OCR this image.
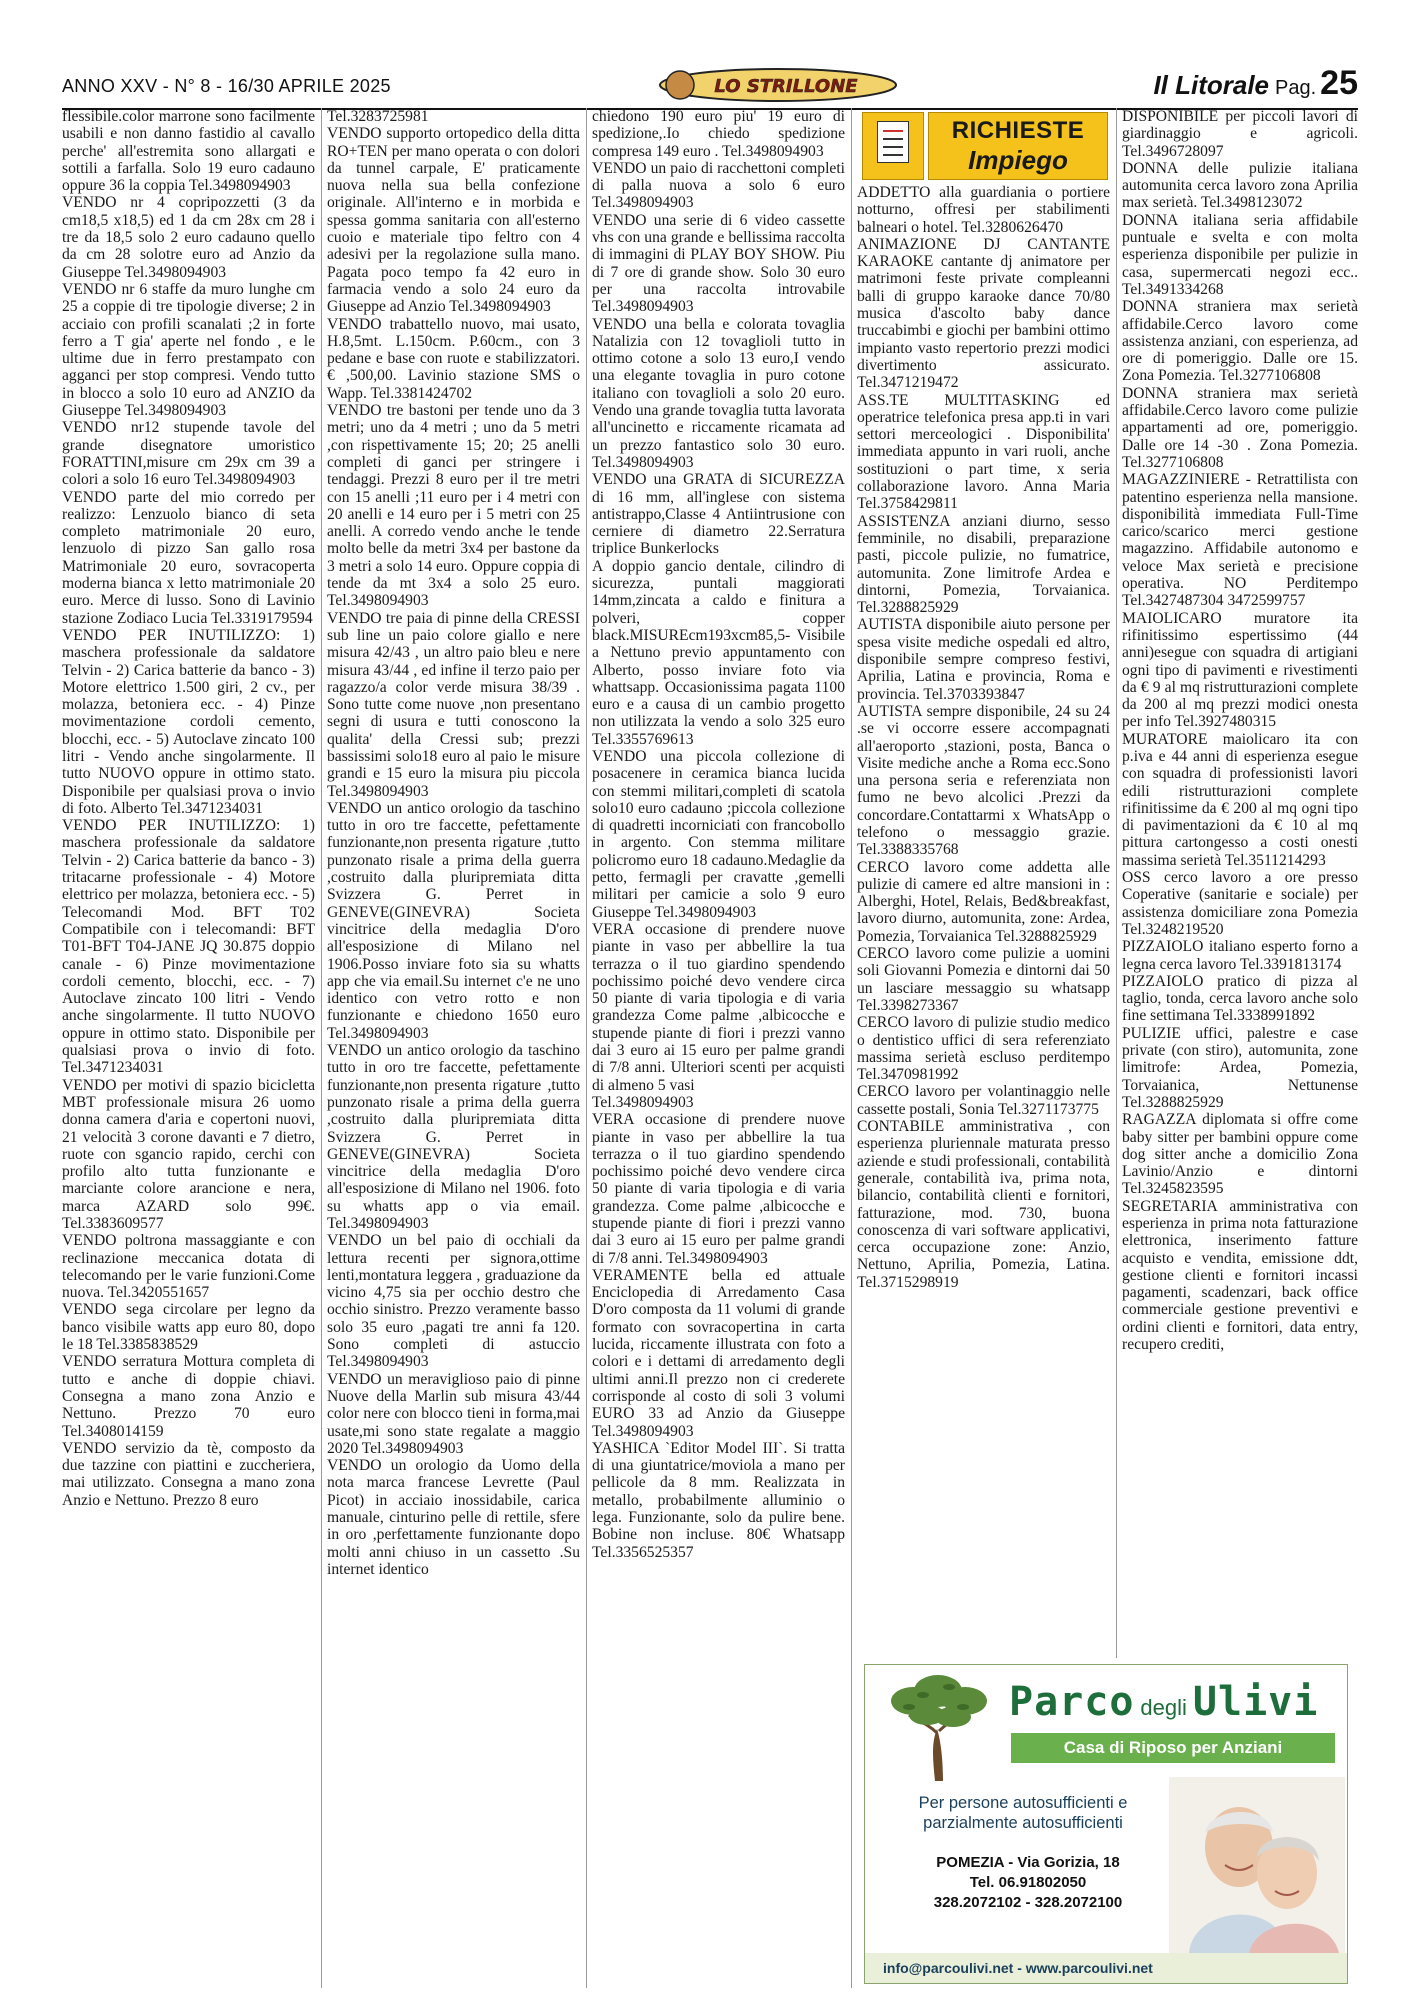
ANNO XXV - N° 8 - 16/30 APRILE 2025	LO STRILLONE	Il Litorale Pag. 25

flessibile.color marrone sono facilmente usabili e non danno fastidio al cavallo perche' all'estremita sono allargati e sottili a farfalla. Solo 19 euro cadauno oppure 36 la coppia Tel.3498094903

VENDO nr 4 copripozzetti (3 da cm18,5 x18,5) ed 1 da cm 28x cm 28 i tre da 18,5 solo 2 euro cadauno quello da cm 28 solotre euro ad Anzio da Giuseppe Tel.3498094903

VENDO nr 6 staffe da muro lunghe cm 25 a coppie di tre tipologie diverse; 2 in acciaio con profili scanalati ;2 in forte ferro a T gia' aperte nel fondo , e le ultime due in ferro prestampato con agganci per stop compresi. Vendo tutto in blocco a solo 10 euro ad ANZIO da Giuseppe Tel.3498094903

VENDO nr12 stupende tavole del grande disegnatore umoristico FORATTINI,misure cm 29x cm 39 a colori a solo 16 euro Tel.3498094903

VENDO parte del mio corredo per realizzo: Lenzuolo bianco di seta completo matrimoniale 20 euro, lenzuolo di pizzo San gallo rosa Matrimoniale 20 euro, sovracoperta moderna bianca x letto matrimoniale 20 euro. Merce di lusso. Sono di Lavinio stazione Zodiaco Lucia Tel.3319179594

VENDO PER INUTILIZZO: 1) maschera professionale da saldatore Telvin - 2) Carica batterie da banco - 3) Motore elettrico 1.500 giri, 2 cv., per molazza, betoniera ecc. - 4) Pinze movimentazione cordoli cemento, blocchi, ecc. - 5) Autoclave zincato 100 litri - Vendo anche singolarmente. Il tutto NUOVO oppure in ottimo stato. Disponibile per qualsiasi prova o invio di foto. Alberto Tel.3471234031

VENDO PER INUTILIZZO: 1) maschera professionale da saldatore Telvin - 2) Carica batterie da banco - 3) tritacarne professionale - 4) Motore elettrico per molazza, betoniera ecc. - 5) Telecomandi Mod. BFT T02 Compatibile con i telecomandi: BFT T01-BFT T04-JANE JQ 30.875 doppio canale - 6) Pinze movimentazione cordoli cemento, blocchi, ecc. - 7) Autoclave zincato 100 litri - Vendo anche singolarmente. Il tutto NUOVO oppure in ottimo stato. Disponibile per qualsiasi prova o invio di foto. Tel.3471234031

VENDO per motivi di spazio bicicletta MBT professionale misura 26 uomo donna camera d'aria e copertoni nuovi, 21 velocità 3 corone davanti e 7 dietro, ruote con sgancio rapido, cerchi con profilo alto tutta funzionante e marciante colore arancione e nera, marca AZARD solo 99€. Tel.3383609577

VENDO poltrona massaggiante e con reclinazione meccanica dotata di telecomando per le varie funzioni.Come nuova. Tel.3420551657

VENDO sega circolare per legno da banco visibile watts app euro 80, dopo le 18 Tel.3385838529

VENDO serratura Mottura completa di tutto e anche di doppie chiavi. Consegna a mano zona Anzio e Nettuno. Prezzo 70 euro Tel.3408014159

VENDO servizio da tè, composto da due tazzine con piattini e zuccheriera, mai utilizzato. Consegna a mano zona Anzio e Nettuno. Prezzo 8 euro

Tel.3283725981

VENDO supporto ortopedico della ditta RO+TEN per mano operata o con dolori da tunnel carpale, E' praticamente nuova nella sua bella confezione originale. All'interno e in morbida e spessa gomma sanitaria con all'esterno cuoio e materiale tipo feltro con 4 adesivi per la regolazione sulla mano. Pagata poco tempo fa 42 euro in farmacia vendo a solo 24 euro da Giuseppe ad Anzio Tel.3498094903

VENDO trabattello nuovo, mai usato, H.8,5mt. L.150cm. P.60cm., con 3 pedane e base con ruote e stabilizzatori.€ ,500,00. Lavinio stazione SMS o Wapp. Tel.3381424702

VENDO tre bastoni per tende uno da 3 metri; uno da 4 metri ; uno da 5 metri ,con rispettivamente 15; 20; 25 anelli completi di ganci per stringere i tendaggi. Prezzi 8 euro per il tre metri con 15 anelli ;11 euro per i 4 metri con 20 anelli e 14 euro per i 5 metri con 25 anelli. A corredo vendo anche le tende molto belle da metri 3x4 per bastone da 3 metri a solo 14 euro. Oppure coppia di tende da mt 3x4 a solo 25 euro. Tel.3498094903

VENDO tre paia di pinne della CRESSI sub line un paio colore giallo e nere misura 42/43 , un altro paio bleu e nere misura 43/44 , ed infine il terzo paio per ragazzo/a color verde misura 38/39 . Sono tutte come nuove ,non presentano segni di usura e tutti conoscono la qualita' della Cressi sub; prezzi bassissimi solo18 euro al paio le misure grandi e 15 euro la misura piu piccola Tel.3498094903

VENDO un antico orologio da taschino tutto in oro tre faccette, pefettamente funzionante,non presenta rigature ,tutto punzonato risale a prima della guerra ,costruito dalla pluripremiata ditta Svizzera G. Perret in GENEVE(GINEVRA) Societa vincitrice della medaglia D'oro all'esposizione di Milano nel 1906.Posso inviare foto sia su whatts app che via email.Su internet c'e ne uno identico con vetro rotto e non funzionante e chiedono 1650 euro Tel.3498094903

VENDO un antico orologio da taschino tutto in oro tre faccette, pefettamente funzionante,non presenta rigature ,tutto punzonato risale a prima della guerra ,costruito dalla pluripremiata ditta Svizzera G. Perret in GENEVE(GINEVRA) Societa vincitrice della medaglia D'oro all'esposizione di Milano nel 1906. foto su whatts app o via email. Tel.3498094903

VENDO un bel paio di occhiali da lettura recenti per signora,ottime lenti,montatura leggera , graduazione da vicino 4,75 sia per occhio destro che occhio sinistro. Prezzo veramente basso solo 35 euro ,pagati tre anni fa 120. Sono completi di astuccio Tel.3498094903

VENDO un meraviglioso paio di pinne Nuove della Marlin sub misura 43/44 color nere con blocco tieni in forma,mai usate,mi sono state regalate a maggio 2020 Tel.3498094903

VENDO un orologio da Uomo della nota marca francese Levrette (Paul Picot) in acciaio inossidabile, carica manuale, cinturino pelle di rettile, sfere in oro ,perfettamente funzionante dopo molti anni chiuso in un cassetto .Su internet identico

chiedono 190 euro piu' 19 euro di spedizione,.Io chiedo spedizione compresa 149 euro . Tel.3498094903

VENDO un paio di racchettoni completi di palla nuova a solo 6 euro Tel.3498094903

VENDO una serie di 6 video cassette vhs con una grande e bellissima raccolta di immagini di PLAY BOY SHOW. Piu di 7 ore di grande show. Solo 30 euro per una raccolta introvabile Tel.3498094903

VENDO una bella e colorata tovaglia Natalizia con 12 tovaglioli tutto in ottimo cotone a solo 13 euro,I vendo una elegante tovaglia in puro cotone italiano con tovaglioli a solo 20 euro. Vendo una grande tovaglia tutta lavorata all'uncinetto e riccamente ricamata ad un prezzo fantastico solo 30 euro. Tel.3498094903

VENDO una GRATA di SICUREZZA di 16 mm, all'inglese con sistema antistrappo,Classe 4 Antiintrusione con cerniere di diametro 22.Serratura triplice Bunkerlocks

A doppio gancio dentale, cilindro di sicurezza, puntali maggiorati 14mm,zincata a caldo e finitura a polveri, copper black.MISUREcm193xcm85,5- Visibile a Nettuno previo appuntamento con Alberto, posso inviare foto via whattsapp. Occasionissima pagata 1100 euro e a causa di un cambio progetto non utilizzata la vendo a solo 325 euro Tel.3355769613

VENDO una piccola collezione di posacenere in ceramica bianca lucida con stemmi militari,completi di scatola solo10 euro cadauno ;piccola collezione di quadretti incorniciati con francobollo in argento. Con stemma militare policromo euro 18 cadauno.Medaglie da petto, fermagli per cravatte ,gemelli militari per camicie a solo 9 euro Giuseppe Tel.3498094903

VERA occasione di prendere nuove piante in vaso per abbellire la tua terrazza o il tuo giardino spendendo pochissimo poiché devo vendere circa 50 piante di varia tipologia e di varia grandezza Come palme ,albicocche e stupende piante di fiori i prezzi vanno dai 3 euro ai 15 euro per palme grandi di 7/8 anni. Ulteriori scenti per acquisti di almeno 5 vasi

Tel.3498094903

VERA occasione di prendere nuove piante in vaso per abbellire la tua terrazza o il tuo giardino spendendo pochissimo poiché devo vendere circa 50 piante di varia tipologia e di varia grandezza. Come palme ,albicocche e stupende piante di fiori i prezzi vanno dai 3 euro ai 15 euro per palme grandi di 7/8 anni. Tel.3498094903

VERAMENTE bella ed attuale Enciclopedia di Arredamento Casa D'oro composta da 11 volumi di grande formato con sovracopertina in carta lucida, riccamente illustrata con foto a colori e i dettami di arredamento degli ultimi anni.Il prezzo non ci crederete corrisponde al costo di soli 3 volumi EURO 33 ad Anzio da Giuseppe Tel.3498094903

YASHICA `Editor Model III`. Si tratta di una giuntatrice/moviola a mano per pellicole da 8 mm. Realizzata in metallo, probabilmente alluminio o lega. Funzionante, solo da pulire bene. Bobine non incluse. 80€ Whatsapp Tel.3356525357

RICHIESTE
Impiego

ADDETTO alla guardiania o portiere notturno, offresi per stabilimenti balneari o hotel. Tel.3280626470

ANIMAZIONE DJ CANTANTE KARAOKE cantante dj animatore per matrimoni feste private compleanni balli di gruppo karaoke dance 70/80 musica d'ascolto baby dance truccabimbi e giochi per bambini ottimo impianto vasto repertorio prezzi modici divertimento assicurato. Tel.3471219472

ASS.TE MULTITASKING ed operatrice telefonica presa app.ti in vari settori merceologici . Disponibilita' immediata appunto in vari ruoli, anche sostituzioni o part time, x seria collaborazione lavoro. Anna Maria Tel.3758429811

ASSISTENZA anziani diurno, sesso femminile, no disabili, preparazione pasti, piccole pulizie, no fumatrice, automunita. Zone limitrofe Ardea e dintorni, Pomezia, Torvaianica. Tel.3288825929

AUTISTA disponibile aiuto persone per spesa visite mediche ospedali ed altro, disponibile sempre compreso festivi, Aprilia, Latina e provincia, Roma e provincia. Tel.3703393847

AUTISTA sempre disponibile, 24 su 24 .se vi occorre essere accompagnati all'aeroporto ,stazioni, posta, Banca o Visite mediche anche a Roma ecc.Sono una persona seria e referenziata non fumo ne bevo alcolici .Prezzi da concordare.Contattarmi x WhatsApp o telefono o messaggio grazie. Tel.3388335768

CERCO lavoro come addetta alle pulizie di camere ed altre mansioni in : Alberghi, Hotel, Relais, Bed&breakfast, lavoro diurno, automunita, zone: Ardea, Pomezia, Torvaianica Tel.3288825929

CERCO lavoro come pulizie a uomini soli Giovanni Pomezia e dintorni dai 50 un lasciare messaggio su whatsapp Tel.3398273367

CERCO lavoro di pulizie studio medico o dentistico uffici di sera referenziato massima serietà escluso perditempo Tel.3470981992

CERCO lavoro per volantinaggio nelle cassette postali, Sonia Tel.3271173775

CONTABILE amministrativa , con esperienza pluriennale maturata presso aziende e studi professionali, contabilità generale, contabilità iva, prima nota, bilancio, contabilità clienti e fornitori, fatturazione, mod. 730, buona conoscenza di vari software applicativi, cerca occupazione zone: Anzio, Nettuno, Aprilia, Pomezia, Latina. Tel.3715298919

DISPONIBILE per piccoli lavori di giardinaggio e agricoli. Tel.3496728097

DONNA delle pulizie italiana automunita cerca lavoro zona Aprilia max serietà. Tel.3498123072

DONNA italiana seria affidabile puntuale e svelta e con molta esperienza disponibile per pulizie in casa, supermercati negozi ecc.. Tel.3491334268

DONNA straniera max serietà affidabile.Cerco lavoro come assistenza anziani, con esperienza, ad ore di pomeriggio. Dalle ore 15. Zona Pomezia. Tel.3277106808

DONNA straniera max serietà affidabile.Cerco lavoro come pulizie appartamenti ad ore, pomeriggio. Dalle ore 14 -30 . Zona Pomezia. Tel.3277106808

MAGAZZINIERE - Retrattilista con patentino esperienza nella mansione. disponibilità immediata Full-Time carico/scarico merci gestione magazzino. Affidabile autonomo e veloce Max serietà e precisione operativa. NO Perditempo Tel.3427487304 3472599757

MAIOLICARO muratore ita rifinitissimo espertissimo (44 anni)esegue con squadra di artigiani ogni tipo di pavimenti e rivestimenti da € 9 al mq ristrutturazioni complete da 200 al mq prezzi modici onesta per info Tel.3927480315

MURATORE maiolicaro ita con p.iva e 44 anni di esperienza esegue con squadra di professionisti lavori edili ristrutturazioni complete rifinitissime da € 200 al mq ogni tipo di pavimentazioni da € 10 al mq pittura cartongesso a costi onesti massima serietà Tel.3511214293

OSS cerco lavoro a ore presso Coperative (sanitarie e sociale) per assistenza domiciliare zona Pomezia Tel.3248219520

PIZZAIOLO italiano esperto forno a legna cerca lavoro Tel.3391813174

PIZZAIOLO pratico di pizza al taglio, tonda, cerca lavoro anche solo fine settimana Tel.3338991892

PULIZIE uffici, palestre e case private (con stiro), automunita, zone limitrofe: Ardea, Pomezia, Torvaianica, Nettunense Tel.3288825929

RAGAZZA diplomata si offre come baby sitter per bambini oppure come dog sitter anche a domicilio Zona Lavinio/Anzio e dintorni Tel.3245823595

SEGRETARIA amministrativa con esperienza in prima nota fatturazione elettronica, inserimento fatture acquisto e vendita, emissione ddt, gestione clienti e fornitori incassi pagamenti, scadenzari, back office commerciale gestione preventivi e ordini clienti e fornitori, data entry, recupero crediti,

Parco degli Ulivi
Casa di Riposo per Anziani
Per persone autosufficienti e
parzialmente autosufficienti
POMEZIA - Via Gorizia, 18
Tel. 06.91802050
328.2072102 - 328.2072100
info@parcoulivi.net - www.parcoulivi.net
